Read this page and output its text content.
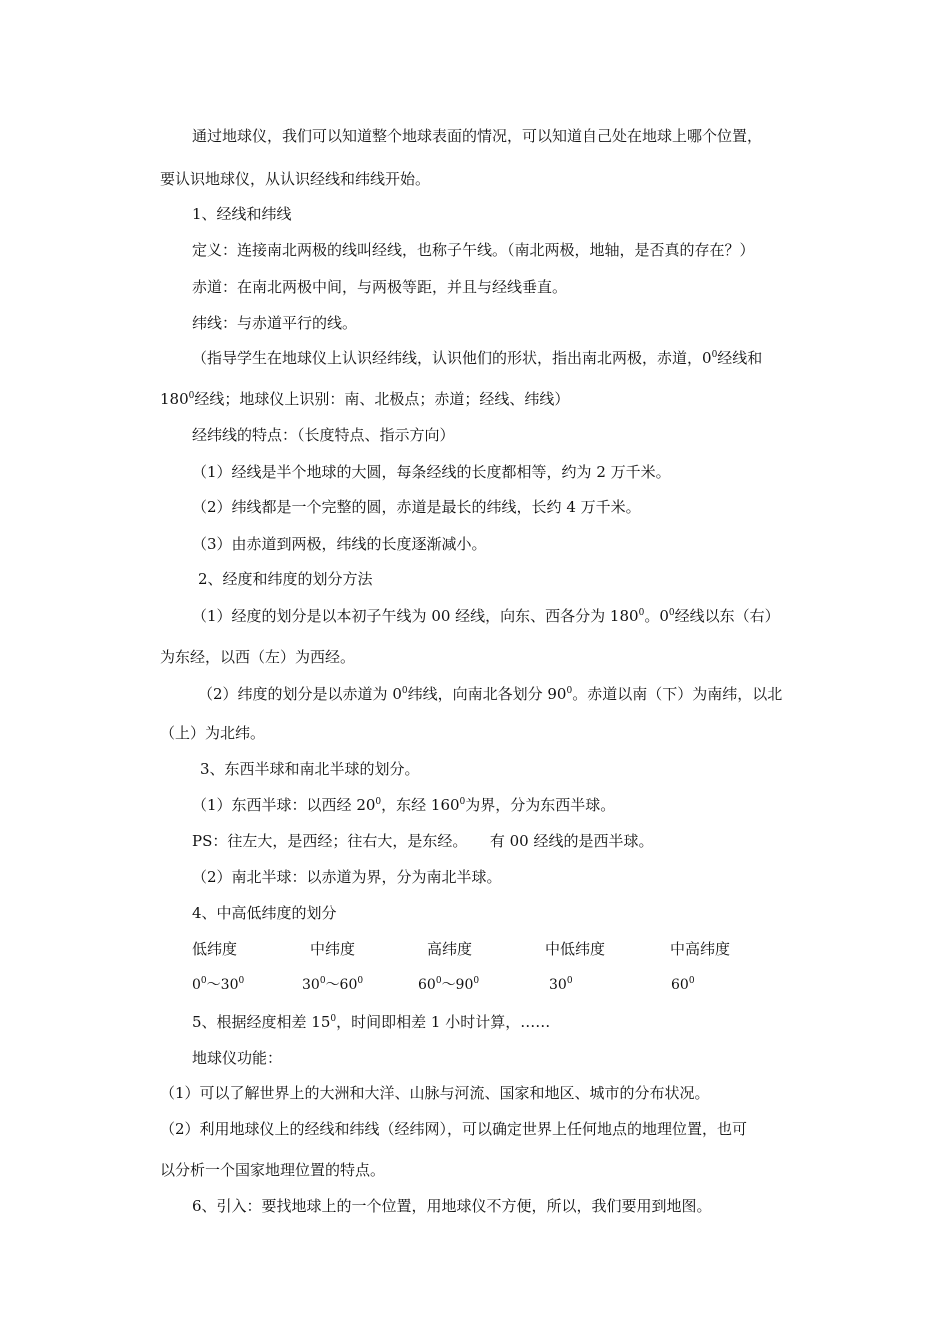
通过地球仪，我们可以知道整个地球表面的情况，可以知道自己处在地球上哪个位置，
要认识地球仪，从认识经线和纬线开始。
1、经线和纬线
定义：连接南北两极的线叫经线，也称子午线。（南北两极，地轴，是否真的存在？）
赤道：在南北两极中间，与两极等距，并且与经线垂直。
纬线：与赤道平行的线。
（指导学生在地球仪上认识经纬线，认识他们的形状，指出南北两极，赤道，$0^0$经线和
$180^0$经线；地球仪上识别：南、北极点；赤道；经线、纬线）
经纬线的特点：（长度特点、指示方向）
（1）经线是半个地球的大圆，每条经线的长度都相等，约为 2 万千米。
（2）纬线都是一个完整的圆，赤道是最长的纬线，长约 4 万千米。
（3）由赤道到两极，纬线的长度逐渐减小。
2、经度和纬度的划分方法
（1）经度的划分是以本初子午线为 00 经线，向东、西各分为 $180^0$。$0^0$经线以东（右）
为东经，以西（左）为西经。
（2）纬度的划分是以赤道为 $0^0$纬线，向南北各划分 $90^0$。赤道以南（下）为南纬，以北
（上）为北纬。
3、东西半球和南北半球的划分。
（1）东西半球：以西经 $20^0$，东经 $160^0$为界，分为东西半球。
PS：往左大，是西经；往右大，是东经。　　有 00 经线的是西半球。
（2）南北半球：以赤道为界，分为南北半球。
4、中高低纬度的划分
低纬度	中纬度	高纬度	中低纬度	中高纬度
$0^0\sim 30^0$	$30^0\sim 60^0$	$60^0\sim 90^0$	$30^0$	$60^0$
5、根据经度相差 $15^0$，时间即相差 1 小时计算，……
地球仪功能：
（1）可以了解世界上的大洲和大洋、山脉与河流、国家和地区、城市的分布状况。
（2）利用地球仪上的经线和纬线（经纬网），可以确定世界上任何地点的地理位置，也可
以分析一个国家地理位置的特点。
6、引入：要找地球上的一个位置，用地球仪不方便，所以，我们要用到地图。
